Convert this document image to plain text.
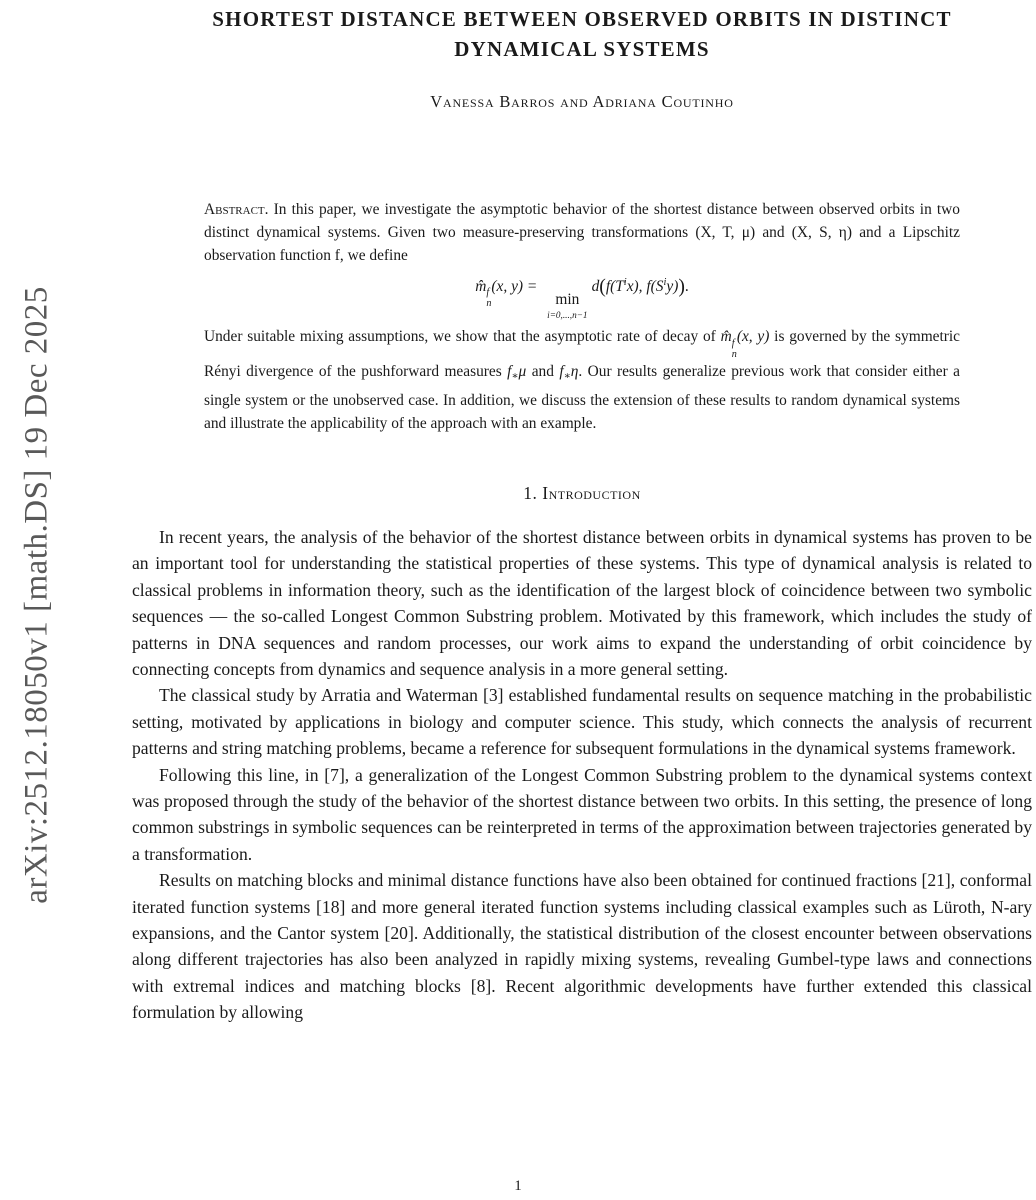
arXiv:2512.18050v1 [math.DS] 19 Dec 2025
SHORTEST DISTANCE BETWEEN OBSERVED ORBITS IN DISTINCT
DYNAMICAL SYSTEMS
Vanessa Barros and Adriana Coutinho
Abstract. In this paper, we investigate the asymptotic behavior of the shortest distance between observed orbits in two distinct dynamical systems. Given two measure-preserving transformations (X, T, μ) and (X, S, η) and a Lipschitz observation function f, we define
m̂ f
n
(x, y) =
min
i=0,...,n−1
$d(f(T^ix)$, $f(S^iy)$).
Under suitable mixing assumptions, we show that the asymptotic rate of decay of m̂ f
n
(x, y) is governed by the symmetric Rényi divergence of the pushforward measures $f_∗\mu$ and $f_∗\eta$. Our results generalize previous work that consider either a single system or the unobserved case. In addition, we discuss the extension of these results to random dynamical systems and illustrate the applicability of the approach with an example.
1. Introduction

In recent years, the analysis of the behavior of the shortest distance between orbits in dynamical systems has proven to be an important tool for understanding the statistical properties of these systems. This type of dynamical analysis is related to classical problems in information theory, such as the identification of the largest block of coincidence between two symbolic sequences — the so-called Longest Common Substring problem. Motivated by this framework, which includes the study of patterns in DNA sequences and random processes, our work aims to expand the understanding of orbit coincidence by connecting concepts from dynamics and sequence analysis in a more general setting.

The classical study by Arratia and Waterman [3] established fundamental results on sequence matching in the probabilistic setting, motivated by applications in biology and computer science. This study, which connects the analysis of recurrent patterns and string matching problems, became a reference for subsequent formulations in the dynamical systems framework.

Following this line, in [7], a generalization of the Longest Common Substring problem to the dynamical systems context was proposed through the study of the behavior of the shortest distance between two orbits. In this setting, the presence of long common substrings in symbolic sequences can be reinterpreted in terms of the approximation between trajectories generated by a transformation.

Results on matching blocks and minimal distance functions have also been obtained for continued fractions [21], conformal iterated function systems [18] and more general iterated function systems including classical examples such as Lüroth, N-ary expansions, and the Cantor system [20]. Additionally, the statistical distribution of the closest encounter between observations along different trajectories has also been analyzed in rapidly mixing systems, revealing Gumbel-type laws and connections with extremal indices and matching blocks [8]. Recent algorithmic developments have further extended this classical formulation by allowing

1
